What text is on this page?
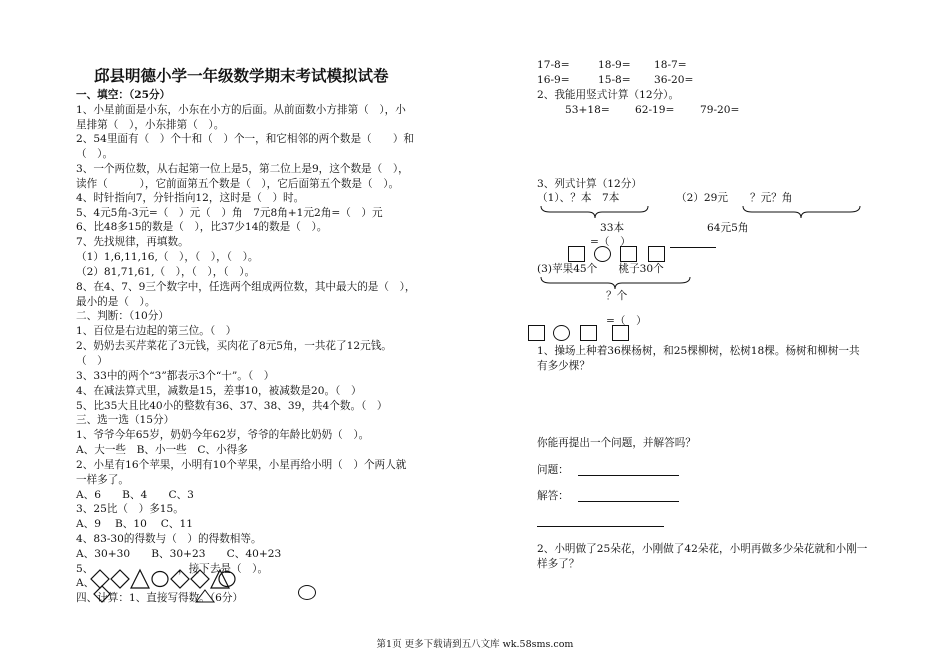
邱县明德小学一年级数学期末考试模拟试卷
一、填空：（25分）
1、小星前面是小东，小东在小方的后面。从前面数小方排第（　），小
星排第（　），小东排第（　）。
2、54里面有（　）个十和（　）个一，和它相邻的两个数是（　　）和
（　）。
3、一个两位数，从右起第一位上是5，第二位上是9，这个数是（　），
读作（　　　），它前面第五个数是（　），它后面第五个数是（　）。
4、时针指向7，分针指向12，这时是（　）时。
5、4元5角-3元=（　）元（　）角　7元8角+1元2角=（　）元
6、比48多15的数是（　），比37少14的数是（　）。
7、先找规律，再填数。
（1）1,6,11,16,（　），（　），（　）。
（2）81,71,61,（　），（　），（　）。
8、在4、7、9三个数字中，任选两个组成两位数，其中最大的是（　），
最小的是（　）。
二、判断：（10分）
1、百位是右边起的第三位。（　）
2、奶奶去买芹菜花了3元钱，买肉花了8元5角，一共花了12元钱。
（　）
3、33中的两个“3”都表示3个“十”。（　）
4、在减法算式里，减数是15，差事10，被减数是20。（　）
5、比35大且比40小的整数有36、37、38、39，共4个数。（　）
三、选一选（15分）
1、爷爷今年65岁，奶奶今年62岁，爷爷的年龄比奶奶（　）。
A、大一些　B、小一些　C、小得多
2、小星有16个苹果，小明有10个苹果，小星再给小明（　）个两人就
一样多了。
A、6　　B、4　　C、3
3、25比（　）多15。
A、9　 B、10　 C、11
4、83-30的得数与（　）的得数相等。
A、30+30　　B、30+23　　C、40+23
5、	，接下去是（　）。
A、
四、计算：1、直接写得数。（6分）
17-8=	18-9= 18-7=
16-9=	15-8= 36-20=
2、我能用竖式计算（12分）。
53+18= 62-19= 79-20=
3、列式计算（12分）
（1）、？本　7本	（2）29元 ？元？角
33本	64元5角
=（　）
(3)苹果45个　　桃子30个
？个
=（　）
1、操场上种着36棵杨树，和25棵柳树，松树18棵。杨树和柳树一共
有多少棵？
你能再提出一个问题，并解答吗？
问题：
解答：
2、小明做了25朵花，小刚做了42朵花，小明再做多少朵花就和小刚一
样多了？
第1页 更多下载请到五八文库 wk.58sms.com
